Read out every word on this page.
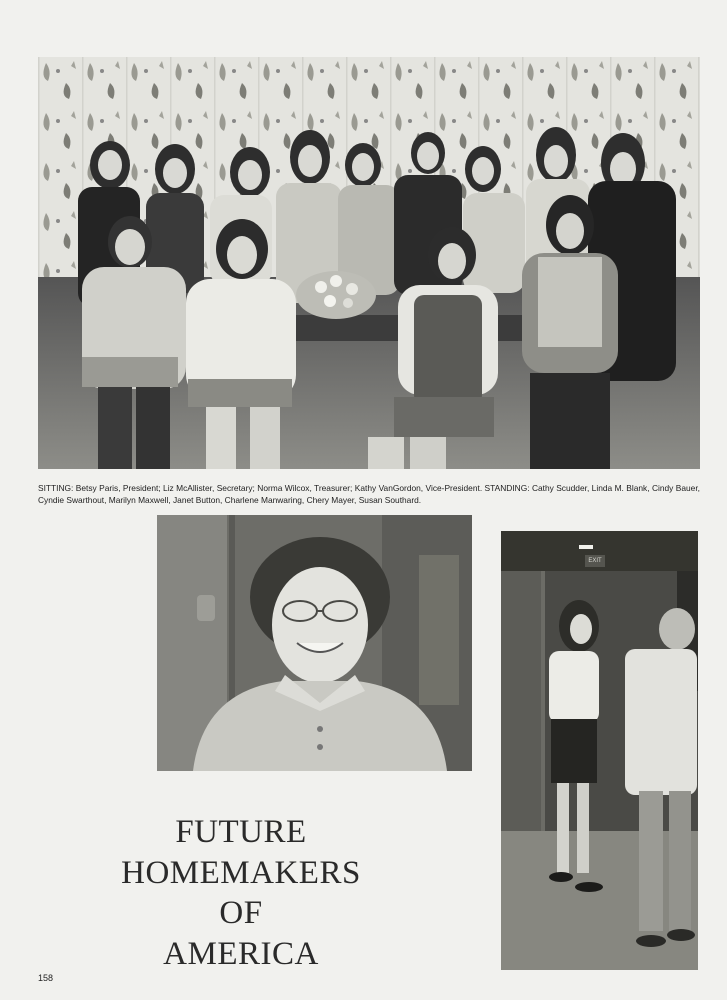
SITTING: Betsy Paris, President; Liz McAllister, Secretary; Norma Wilcox, Treasurer; Kathy VanGordon, Vice-President. STANDING: Cathy Scudder, Linda M. Blank, Cindy Bauer, Cyndie Swarthout, Marilyn Maxwell, Janet Button, Charlene Manwaring, Chery Mayer, Susan Southard.

EXIT
FUTURE
HOMEMAKERS
OF
AMERICA
158
